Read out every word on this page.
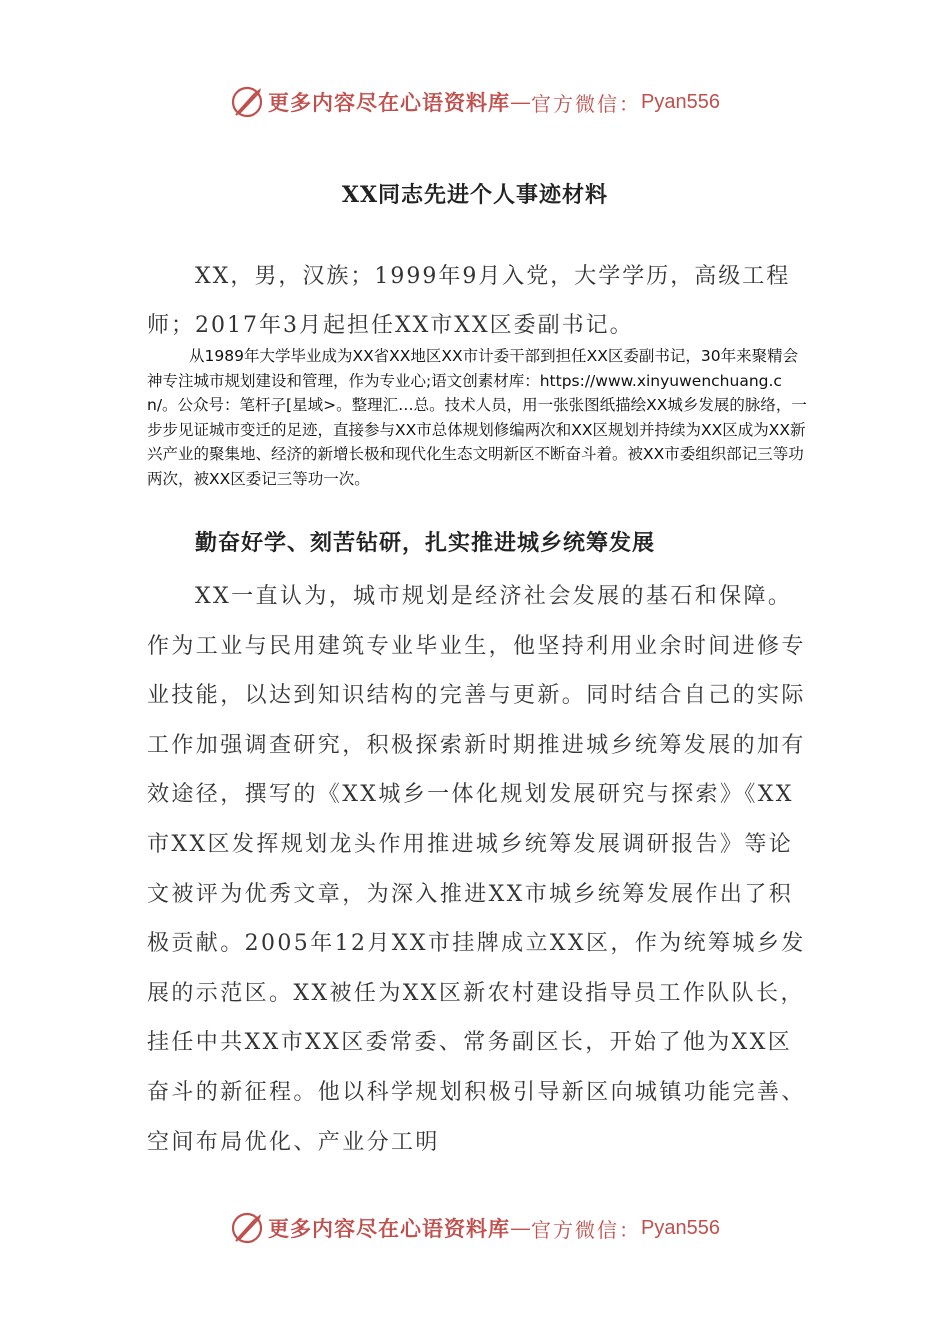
更多内容尽在心语资料库 — 官方微信： Pyan556
XX同志先进个人事迹材料

XX，男，汉族；1999年9月入党，大学学历，高级工程师；2017年3月起担任XX市XX区委副书记。

从1989年大学毕业成为XX省XX地区XX市计委干部到担任XX区委副书记，30年来聚精会神专注城市规划建设和管理，作为专业心;语文创素材库：https://www.xinyuwenchuang.cn/。公众号：笔杆子[星域>。整理汇…总。技术人员，用一张张图纸描绘XX城乡发展的脉络，一步步见证城市变迁的足迹，直接参与XX市总体规划修编两次和XX区规划并持续为XX区成为XX新兴产业的聚集地、经济的新增长极和现代化生态文明新区不断奋斗着。被XX市委组织部记三等功两次，被XX区委记三等功一次。

勤奋好学、刻苦钻研，扎实推进城乡统筹发展

XX一直认为，城市规划是经济社会发展的基石和保障。作为工业与民用建筑专业毕业生，他坚持利用业余时间进修专业技能，以达到知识结构的完善与更新。同时结合自己的实际工作加强调查研究，积极探索新时期推进城乡统筹发展的加有效途径，撰写的《XX城乡一体化规划发展研究与探索》《XX市XX区发挥规划龙头作用推进城乡统筹发展调研报告》等论文被评为优秀文章，为深入推进XX市城乡统筹发展作出了积极贡献。2005年12月XX市挂牌成立XX区，作为统筹城乡发展的示范区。XX被任为XX区新农村建设指导员工作队队长，挂任中共XX市XX区委常委、常务副区长，开始了他为XX区奋斗的新征程。他以科学规划积极引导新区向城镇功能完善、空间布局优化、产业分工明

更多内容尽在心语资料库 — 官方微信： Pyan556
